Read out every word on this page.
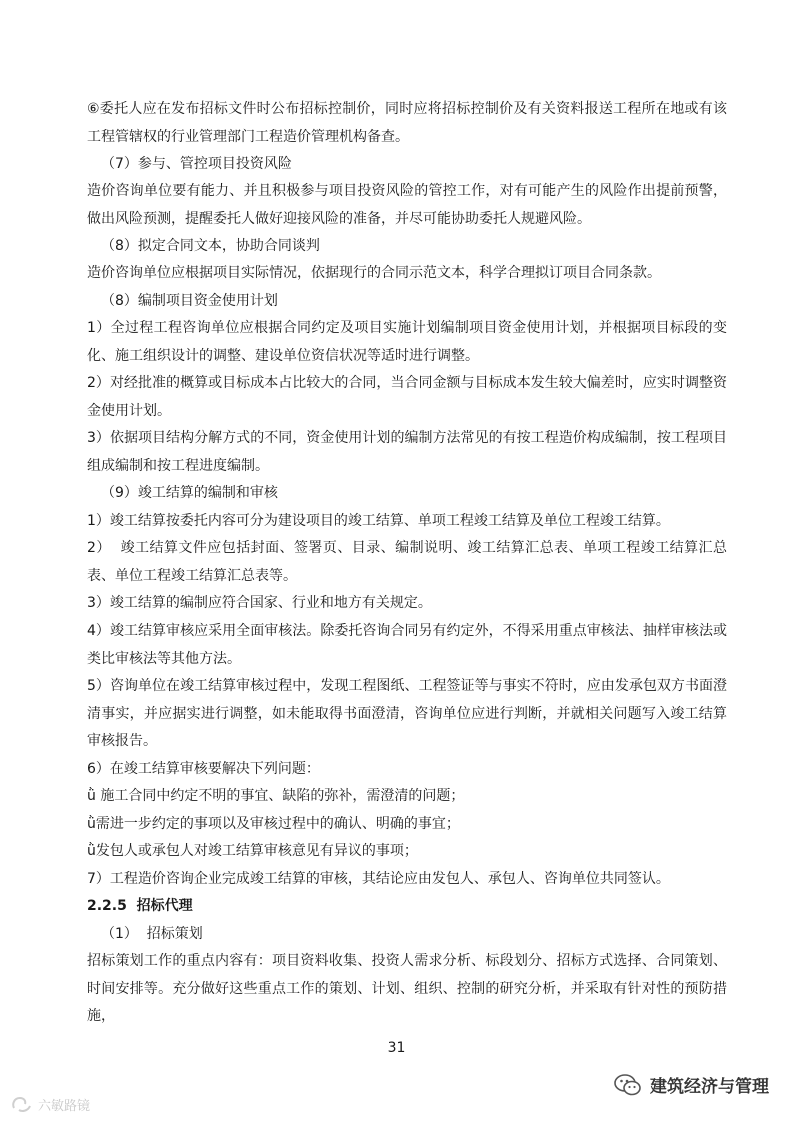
⑥委托人应在发布招标文件时公布招标控制价，同时应将招标控制价及有关资料报送工程所在地或有该工程管辖权的行业管理部门工程造价管理机构备查。

（7）参与、管控项目投资风险

造价咨询单位要有能力、并且积极参与项目投资风险的管控工作，对有可能产生的风险作出提前预警，做出风险预测，提醒委托人做好迎接风险的准备，并尽可能协助委托人规避风险。

（8）拟定合同文本，协助合同谈判

造价咨询单位应根据项目实际情况，依据现行的合同示范文本，科学合理拟订项目合同条款。

（8）编制项目资金使用计划

1）全过程工程咨询单位应根据合同约定及项目实施计划编制项目资金使用计划，并根据项目标段的变化、施工组织设计的调整、建设单位资信状况等适时进行调整。

2）对经批准的概算或目标成本占比较大的合同，当合同金额与目标成本发生较大偏差时，应实时调整资金使用计划。

3）依据项目结构分解方式的不同，资金使用计划的编制方法常见的有按工程造价构成编制，按工程项目组成编制和按工程进度编制。

（9）竣工结算的编制和审核

1）竣工结算按委托内容可分为建设项目的竣工结算、单项工程竣工结算及单位工程竣工结算。

2）  竣工结算文件应包括封面、签署页、目录、编制说明、竣工结算汇总表、单项工程竣工结算汇总表、单位工程竣工结算汇总表等。

3）竣工结算的编制应符合国家、行业和地方有关规定。

4）竣工结算审核应采用全面审核法。除委托咨询合同另有约定外，不得采用重点审核法、抽样审核法或类比审核法等其他方法。

5）咨询单位在竣工结算审核过程中，发现工程图纸、工程签证等与事实不符时，应由发承包双方书面澄清事实，并应据实进行调整，如未能取得书面澄清，咨询单位应进行判断，并就相关问题写入竣工结算审核报告。

6）在竣工结算审核要解决下列问题：

ǜ 施工合同中约定不明的事宜、缺陷的弥补，需澄清的问题；

ǜ需进一步约定的事项以及审核过程中的确认、明确的事宜；

ǜ发包人或承包人对竣工结算审核意见有异议的事项；

7）工程造价咨询企业完成竣工结算的审核，其结论应由发包人、承包人、咨询单位共同签认。

2.2.5  招标代理

（1）  招标策划

招标策划工作的重点内容有：项目资料收集、投资人需求分析、标段划分、招标方式选择、合同策划、时间安排等。充分做好这些重点工作的策划、计划、组织、控制的研究分析，并采取有针对性的预防措施，

31
建筑经济与管理
六敏路镜
